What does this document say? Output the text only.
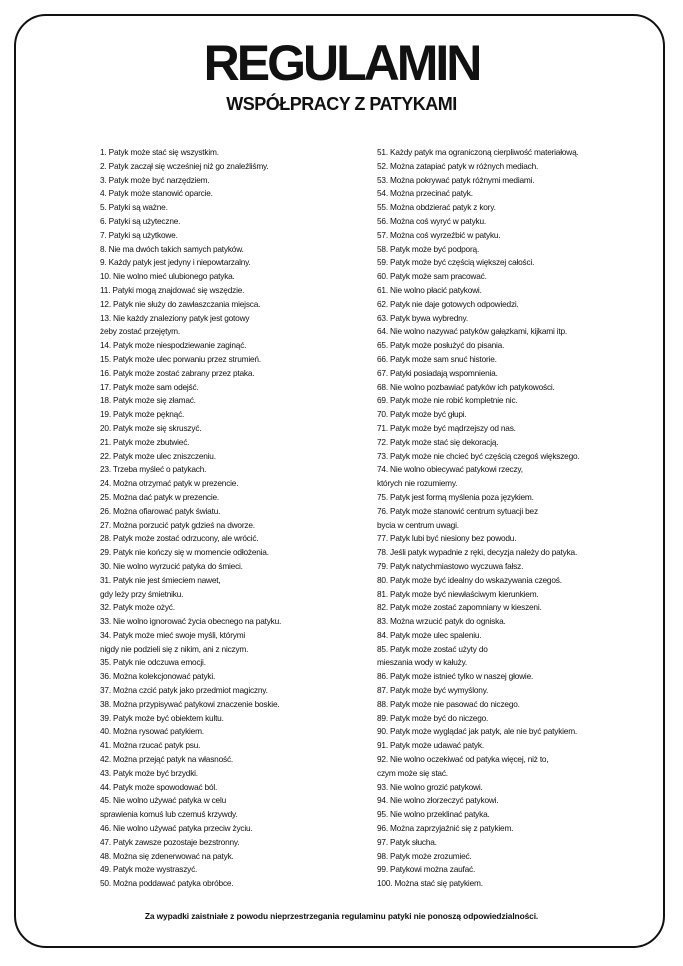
REGULAMIN
WSPÓŁPRACY Z PATYKAMI
1. Patyk może stać się wszystkim.
2. Patyk zaczął się wcześniej niż go znaleźliśmy.
3. Patyk może być narzędziem.
4. Patyk może stanowić oparcie.
5. Patyki są ważne.
6. Patyki są użyteczne.
7. Patyki są użytkowe.
8. Nie ma dwóch takich samych patyków.
9. Każdy patyk jest jedyny i niepowtarzalny.
10. Nie wolno mieć ulubionego patyka.
11. Patyki mogą znajdować się wszędzie.
12. Patyk nie służy do zawłaszczania miejsca.
13. Nie każdy znaleziony patyk jest gotowy
żeby zostać przejętym.
14. Patyk może niespodziewanie zaginąć.
15. Patyk może ulec porwaniu przez strumień.
16. Patyk może zostać zabrany przez ptaka.
17. Patyk może sam odejść.
18. Patyk może się złamać.
19. Patyk może pęknąć.
20. Patyk może się skruszyć.
21. Patyk może zbutwieć.
22. Patyk może ulec zniszczeniu.
23. Trzeba myśleć o patykach.
24. Można otrzymać patyk w prezencie.
25. Można dać patyk w prezencie.
26. Można ofiarować patyk światu.
27. Można porzucić patyk gdzieś na dworze.
28. Patyk może zostać odrzucony, ale wrócić.
29. Patyk nie kończy się w momencie odłożenia.
30. Nie wolno wyrzucić patyka do śmieci.
31. Patyk nie jest śmieciem nawet,
gdy leży przy śmietniku.
32. Patyk może ożyć.
33. Nie wolno ignorować życia obecnego na patyku.
34. Patyk może mieć swoje myśli, którymi
nigdy nie podzieli się z nikim, ani z niczym.
35. Patyk nie odczuwa emocji.
36. Można kolekcjonować patyki.
37. Można czcić patyk jako przedmiot magiczny.
38. Można przypisywać patykowi znaczenie boskie.
39. Patyk może być obiektem kultu.
40. Można rysować patykiem.
41. Można rzucać patyk psu.
42. Można przejąć patyk na własność.
43. Patyk może być brzydki.
44. Patyk może spowodować ból.
45. Nie wolno używać patyka w celu
sprawienia komuś lub czemuś krzywdy.
46. Nie wolno używać patyka przeciw życiu.
47. Patyk zawsze pozostaje bezstronny.
48. Można się zdenerwować na patyk.
49. Patyk może wystraszyć.
50. Można poddawać patyka obróbce.
51. Każdy patyk ma ograniczoną cierpliwość materiałową.
52. Można zatapiać patyk w różnych mediach.
53. Można pokrywać patyk różnymi mediami.
54. Można przecinać patyk.
55. Można obdzierać patyk z kory.
56. Można coś wyryć w patyku.
57. Można coś wyrzeźbić w patyku.
58. Patyk może być podporą.
59. Patyk może być częścią większej całości.
60. Patyk może sam pracować.
61. Nie wolno płacić patykowi.
62. Patyk nie daje gotowych odpowiedzi.
63. Patyk bywa wybredny.
64. Nie wolno nazywać patyków gałązkami, kijkami itp.
65. Patyk może posłużyć do pisania.
66. Patyk może sam snuć historie.
67. Patyki posiadają wspomnienia.
68. Nie wolno pozbawiać patyków ich patykowości.
69. Patyk może nie robić kompletnie nic.
70. Patyk może być głupi.
71. Patyk może być mądrzejszy od nas.
72. Patyk może stać się dekoracją.
73. Patyk może nie chcieć być częścią czegoś większego.
74. Nie wolno obiecywać patykowi rzeczy,
których nie rozumiemy.
75. Patyk jest formą myślenia poza językiem.
76. Patyk może stanowić centrum sytuacji bez
bycia w centrum uwagi.
77. Patyk lubi być niesiony bez powodu.
78. Jeśli patyk wypadnie z ręki, decyzja należy do patyka.
79. Patyk natychmiastowo wyczuwa fałsz.
80. Patyk może być idealny do wskazywania czegoś.
81. Patyk może być niewłaściwym kierunkiem.
82. Patyk może zostać zapomniany w kieszeni.
83. Można wrzucić patyk do ogniska.
84. Patyk może ulec spaleniu.
85. Patyk może zostać użyty do
mieszania wody w kałuży.
86. Patyk może istnieć tylko w naszej głowie.
87. Patyk może być wymyślony.
88. Patyk może nie pasować do niczego.
89. Patyk może być do niczego.
90. Patyk może wyglądać jak patyk, ale nie być patykiem.
91. Patyk może udawać patyk.
92. Nie wolno oczekiwać od patyka więcej, niż to,
czym może się stać.
93. Nie wolno grozić patykowi.
94. Nie wolno złorzeczyć patykowi.
95. Nie wolno przeklinać patyka.
96. Można zaprzyjaźnić się z patykiem.
97. Patyk słucha.
98. Patyk może zrozumieć.
99. Patykowi można zaufać.
100. Można stać się patykiem.

Za wypadki zaistniałe z powodu nieprzestrzegania regulaminu patyki nie ponoszą odpowiedzialności.
